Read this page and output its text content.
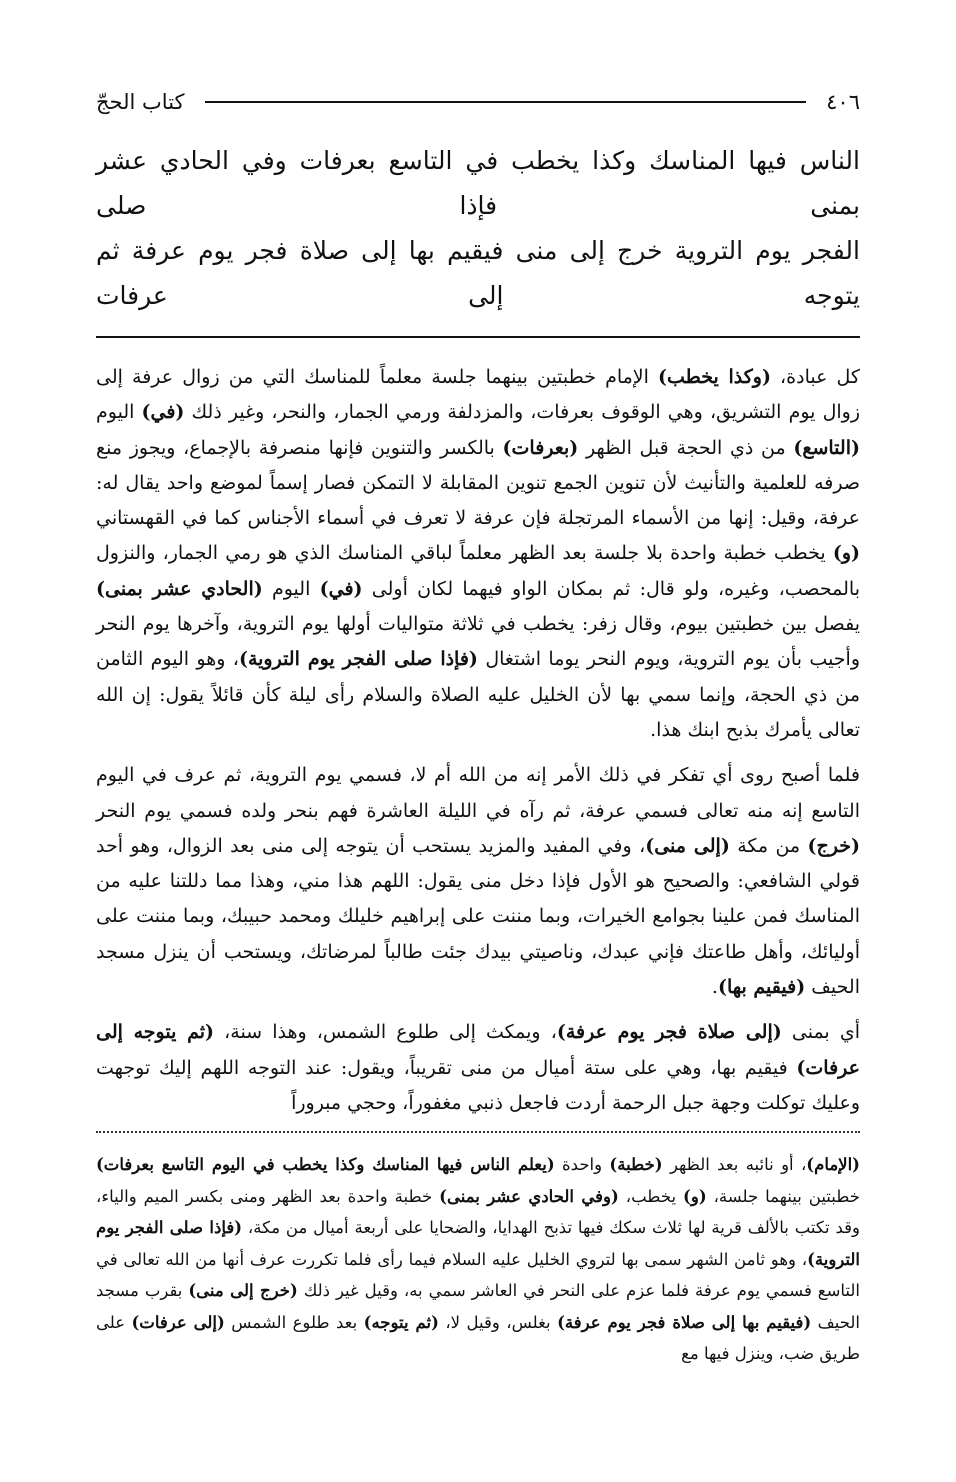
٤٠٦
كتاب الحجّ
الناس فيها المناسك وكذا يخطب في التاسع بعرفات وفي الحادي عشر بمنى فإذا صلى
الفجر يوم التروية خرج إلى منى فيقيم بها إلى صلاة فجر يوم عرفة ثم يتوجه إلى عرفات

كل عبادة، (وكذا يخطب) الإمام خطبتين بينهما جلسة معلماً للمناسك التي من زوال عرفة إلى زوال يوم التشريق، وهي الوقوف بعرفات، والمزدلفة ورمي الجمار، والنحر، وغير ذلك (في) اليوم (التاسع) من ذي الحجة قبل الظهر (بعرفات) بالكسر والتنوين فإنها منصرفة بالإجماع، ويجوز منع صرفه للعلمية والتأنيث لأن تنوين الجمع تنوين المقابلة لا التمكن فصار إسماً لموضع واحد يقال له: عرفة، وقيل: إنها من الأسماء المرتجلة فإن عرفة لا تعرف في أسماء الأجناس كما في القهستاني (و) يخطب خطبة واحدة بلا جلسة بعد الظهر معلماً لباقي المناسك الذي هو رمي الجمار، والنزول بالمحصب، وغيره، ولو قال: ثم بمكان الواو فيهما لكان أولى (في) اليوم (الحادي عشر بمنى) يفصل بين خطبتين بيوم، وقال زفر: يخطب في ثلاثة متواليات أولها يوم التروية، وآخرها يوم النحر وأجيب بأن يوم التروية، ويوم النحر يوما اشتغال (فإذا صلى الفجر يوم التروية)، وهو اليوم الثامن من ذي الحجة، وإنما سمي بها لأن الخليل عليه الصلاة والسلام رأى ليلة كأن قائلاً يقول: إن الله تعالى يأمرك بذبح ابنك هذا.

فلما أصبح روى أي تفكر في ذلك الأمر إنه من الله أم لا، فسمي يوم التروية، ثم عرف في اليوم التاسع إنه منه تعالى فسمي عرفة، ثم رآه في الليلة العاشرة فهم بنحر ولده فسمي يوم النحر (خرج) من مكة (إلى منى)، وفي المفيد والمزيد يستحب أن يتوجه إلى منى بعد الزوال، وهو أحد قولي الشافعي: والصحيح هو الأول فإذا دخل منى يقول: اللهم هذا مني، وهذا مما دللتنا عليه من المناسك فمن علينا بجوامع الخيرات، وبما مننت على إبراهيم خليلك ومحمد حبيبك، وبما مننت على أوليائك، وأهل طاعتك فإني عبدك، وناصيتي بيدك جئت طالباً لمرضاتك، ويستحب أن ينزل مسجد الحيف (فيقيم بها).

أي بمنى (إلى صلاة فجر يوم عرفة)، ويمكث إلى طلوع الشمس، وهذا سنة، (ثم يتوجه إلى عرفات) فيقيم بها، وهي على ستة أميال من منى تقريباً، ويقول: عند التوجه اللهم إليك توجهت وعليك توكلت وجهة جبل الرحمة أردت فاجعل ذنبي مغفوراً، وحجي مبروراً

(الإمام)، أو نائبه بعد الظهر (خطبة) واحدة (يعلم الناس فيها المناسك وكذا يخطب في اليوم التاسع بعرفات) خطبتين بينهما جلسة، (و) يخطب، (وفي الحادي عشر بمنى) خطبة واحدة بعد الظهر ومنى بكسر الميم والياء، وقد تكتب بالألف قرية لها ثلاث سكك فيها تذبح الهدايا، والضحايا على أربعة أميال من مكة، (فإذا صلى الفجر يوم التروية)، وهو ثامن الشهر سمى بها لتروي الخليل عليه السلام فيما رأى فلما تكررت عرف أنها من الله تعالى في التاسع فسمي يوم عرفة فلما عزم على النحر في العاشر سمي به، وقيل غير ذلك (خرج إلى منى) بقرب مسجد الحيف (فيقيم بها إلى صلاة فجر يوم عرفة) بغلس، وقيل لا، (ثم يتوجه) بعد طلوع الشمس (إلى عرفات) على طريق ضب، وينزل فيها مع
